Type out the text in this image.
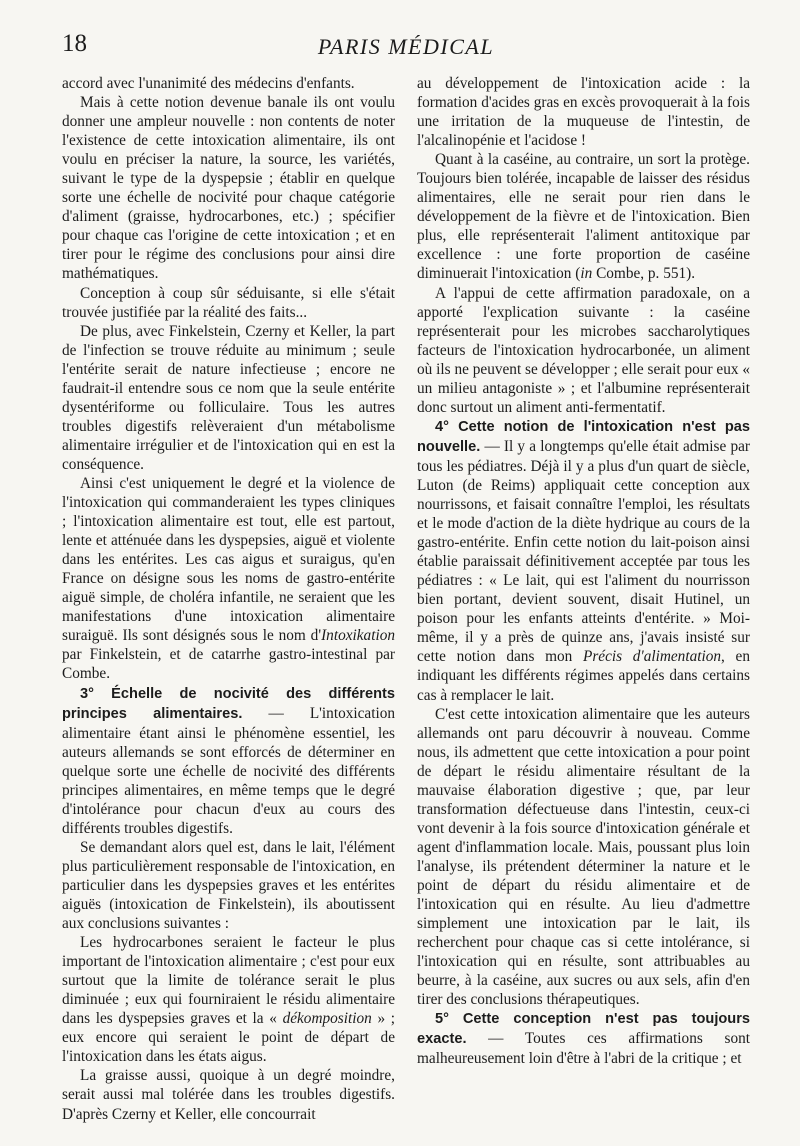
18	PARIS MÉDICAL

accord avec l'unanimité des médecins d'enfants.

Mais à cette notion devenue banale ils ont voulu donner une ampleur nouvelle : non contents de noter l'existence de cette intoxication alimentaire, ils ont voulu en préciser la nature, la source, les variétés, suivant le type de la dyspepsie ; établir en quelque sorte une échelle de nocivité pour chaque catégorie d'aliment (graisse, hydrocarbones, etc.) ; spécifier pour chaque cas l'origine de cette intoxication ; et en tirer pour le régime des conclusions pour ainsi dire mathématiques.

Conception à coup sûr séduisante, si elle s'était trouvée justifiée par la réalité des faits...

De plus, avec Finkelstein, Czerny et Keller, la part de l'infection se trouve réduite au minimum ; seule l'entérite serait de nature infectieuse ; encore ne faudrait-il entendre sous ce nom que la seule entérite dysentériforme ou folliculaire. Tous les autres troubles digestifs relèveraient d'un métabolisme alimentaire irrégulier et de l'intoxication qui en est la conséquence.

Ainsi c'est uniquement le degré et la violence de l'intoxication qui commanderaient les types cliniques ; l'intoxication alimentaire est tout, elle est partout, lente et atténuée dans les dyspepsies, aiguë et violente dans les entérites. Les cas aigus et suraigus, qu'en France on désigne sous les noms de gastro-entérite aiguë simple, de choléra infantile, ne seraient que les manifestations d'une intoxication alimentaire suraiguë. Ils sont désignés sous le nom d'Intoxikation par Finkelstein, et de catarrhe gastro-intestinal par Combe.

3° Échelle de nocivité des différents principes alimentaires. — L'intoxication alimentaire étant ainsi le phénomène essentiel, les auteurs allemands se sont efforcés de déterminer en quelque sorte une échelle de nocivité des différents principes alimentaires, en même temps que le degré d'intolérance pour chacun d'eux au cours des différents troubles digestifs.

Se demandant alors quel est, dans le lait, l'élément plus particulièrement responsable de l'intoxication, en particulier dans les dyspepsies graves et les entérites aiguës (intoxication de Finkelstein), ils aboutissent aux conclusions suivantes :

Les hydrocarbones seraient le facteur le plus important de l'intoxication alimentaire ; c'est pour eux surtout que la limite de tolérance serait le plus diminuée ; eux qui fourniraient le résidu alimentaire dans les dyspepsies graves et la « dékomposition » ; eux encore qui seraient le point de départ de l'intoxication dans les états aigus.

La graisse aussi, quoique à un degré moindre, serait aussi mal tolérée dans les troubles digestifs. D'après Czerny et Keller, elle concourrait

au développement de l'intoxication acide : la formation d'acides gras en excès provoquerait à la fois une irritation de la muqueuse de l'intestin, de l'alcalinopénie et l'acidose !

Quant à la caséine, au contraire, un sort la protège. Toujours bien tolérée, incapable de laisser des résidus alimentaires, elle ne serait pour rien dans le développement de la fièvre et de l'intoxication. Bien plus, elle représenterait l'aliment antitoxique par excellence : une forte proportion de caséine diminuerait l'intoxication (in Combe, p. 551).

A l'appui de cette affirmation paradoxale, on a apporté l'explication suivante : la caséine représenterait pour les microbes saccharolytiques facteurs de l'intoxication hydrocarbonée, un aliment où ils ne peuvent se développer ; elle serait pour eux « un milieu antagoniste » ; et l'albumine représenterait donc surtout un aliment anti-fermentatif.

4° Cette notion de l'intoxication n'est pas nouvelle. — Il y a longtemps qu'elle était admise par tous les pédiatres. Déjà il y a plus d'un quart de siècle, Luton (de Reims) appliquait cette conception aux nourrissons, et faisait connaître l'emploi, les résultats et le mode d'action de la diète hydrique au cours de la gastro-entérite. Enfin cette notion du lait-poison ainsi établie paraissait définitivement acceptée par tous les pédiatres : « Le lait, qui est l'aliment du nourrisson bien portant, devient souvent, disait Hutinel, un poison pour les enfants atteints d'entérite. » Moi-même, il y a près de quinze ans, j'avais insisté sur cette notion dans mon Précis d'alimentation, en indiquant les différents régimes appelés dans certains cas à remplacer le lait.

C'est cette intoxication alimentaire que les auteurs allemands ont paru découvrir à nouveau. Comme nous, ils admettent que cette intoxication a pour point de départ le résidu alimentaire résultant de la mauvaise élaboration digestive ; que, par leur transformation défectueuse dans l'intestin, ceux-ci vont devenir à la fois source d'intoxication générale et agent d'inflammation locale. Mais, poussant plus loin l'analyse, ils prétendent déterminer la nature et le point de départ du résidu alimentaire et de l'intoxication qui en résulte. Au lieu d'admettre simplement une intoxication par le lait, ils recherchent pour chaque cas si cette intolérance, si l'intoxication qui en résulte, sont attribuables au beurre, à la caséine, aux sucres ou aux sels, afin d'en tirer des conclusions thérapeutiques.

5° Cette conception n'est pas toujours exacte. — Toutes ces affirmations sont malheureusement loin d'être à l'abri de la critique ; et
